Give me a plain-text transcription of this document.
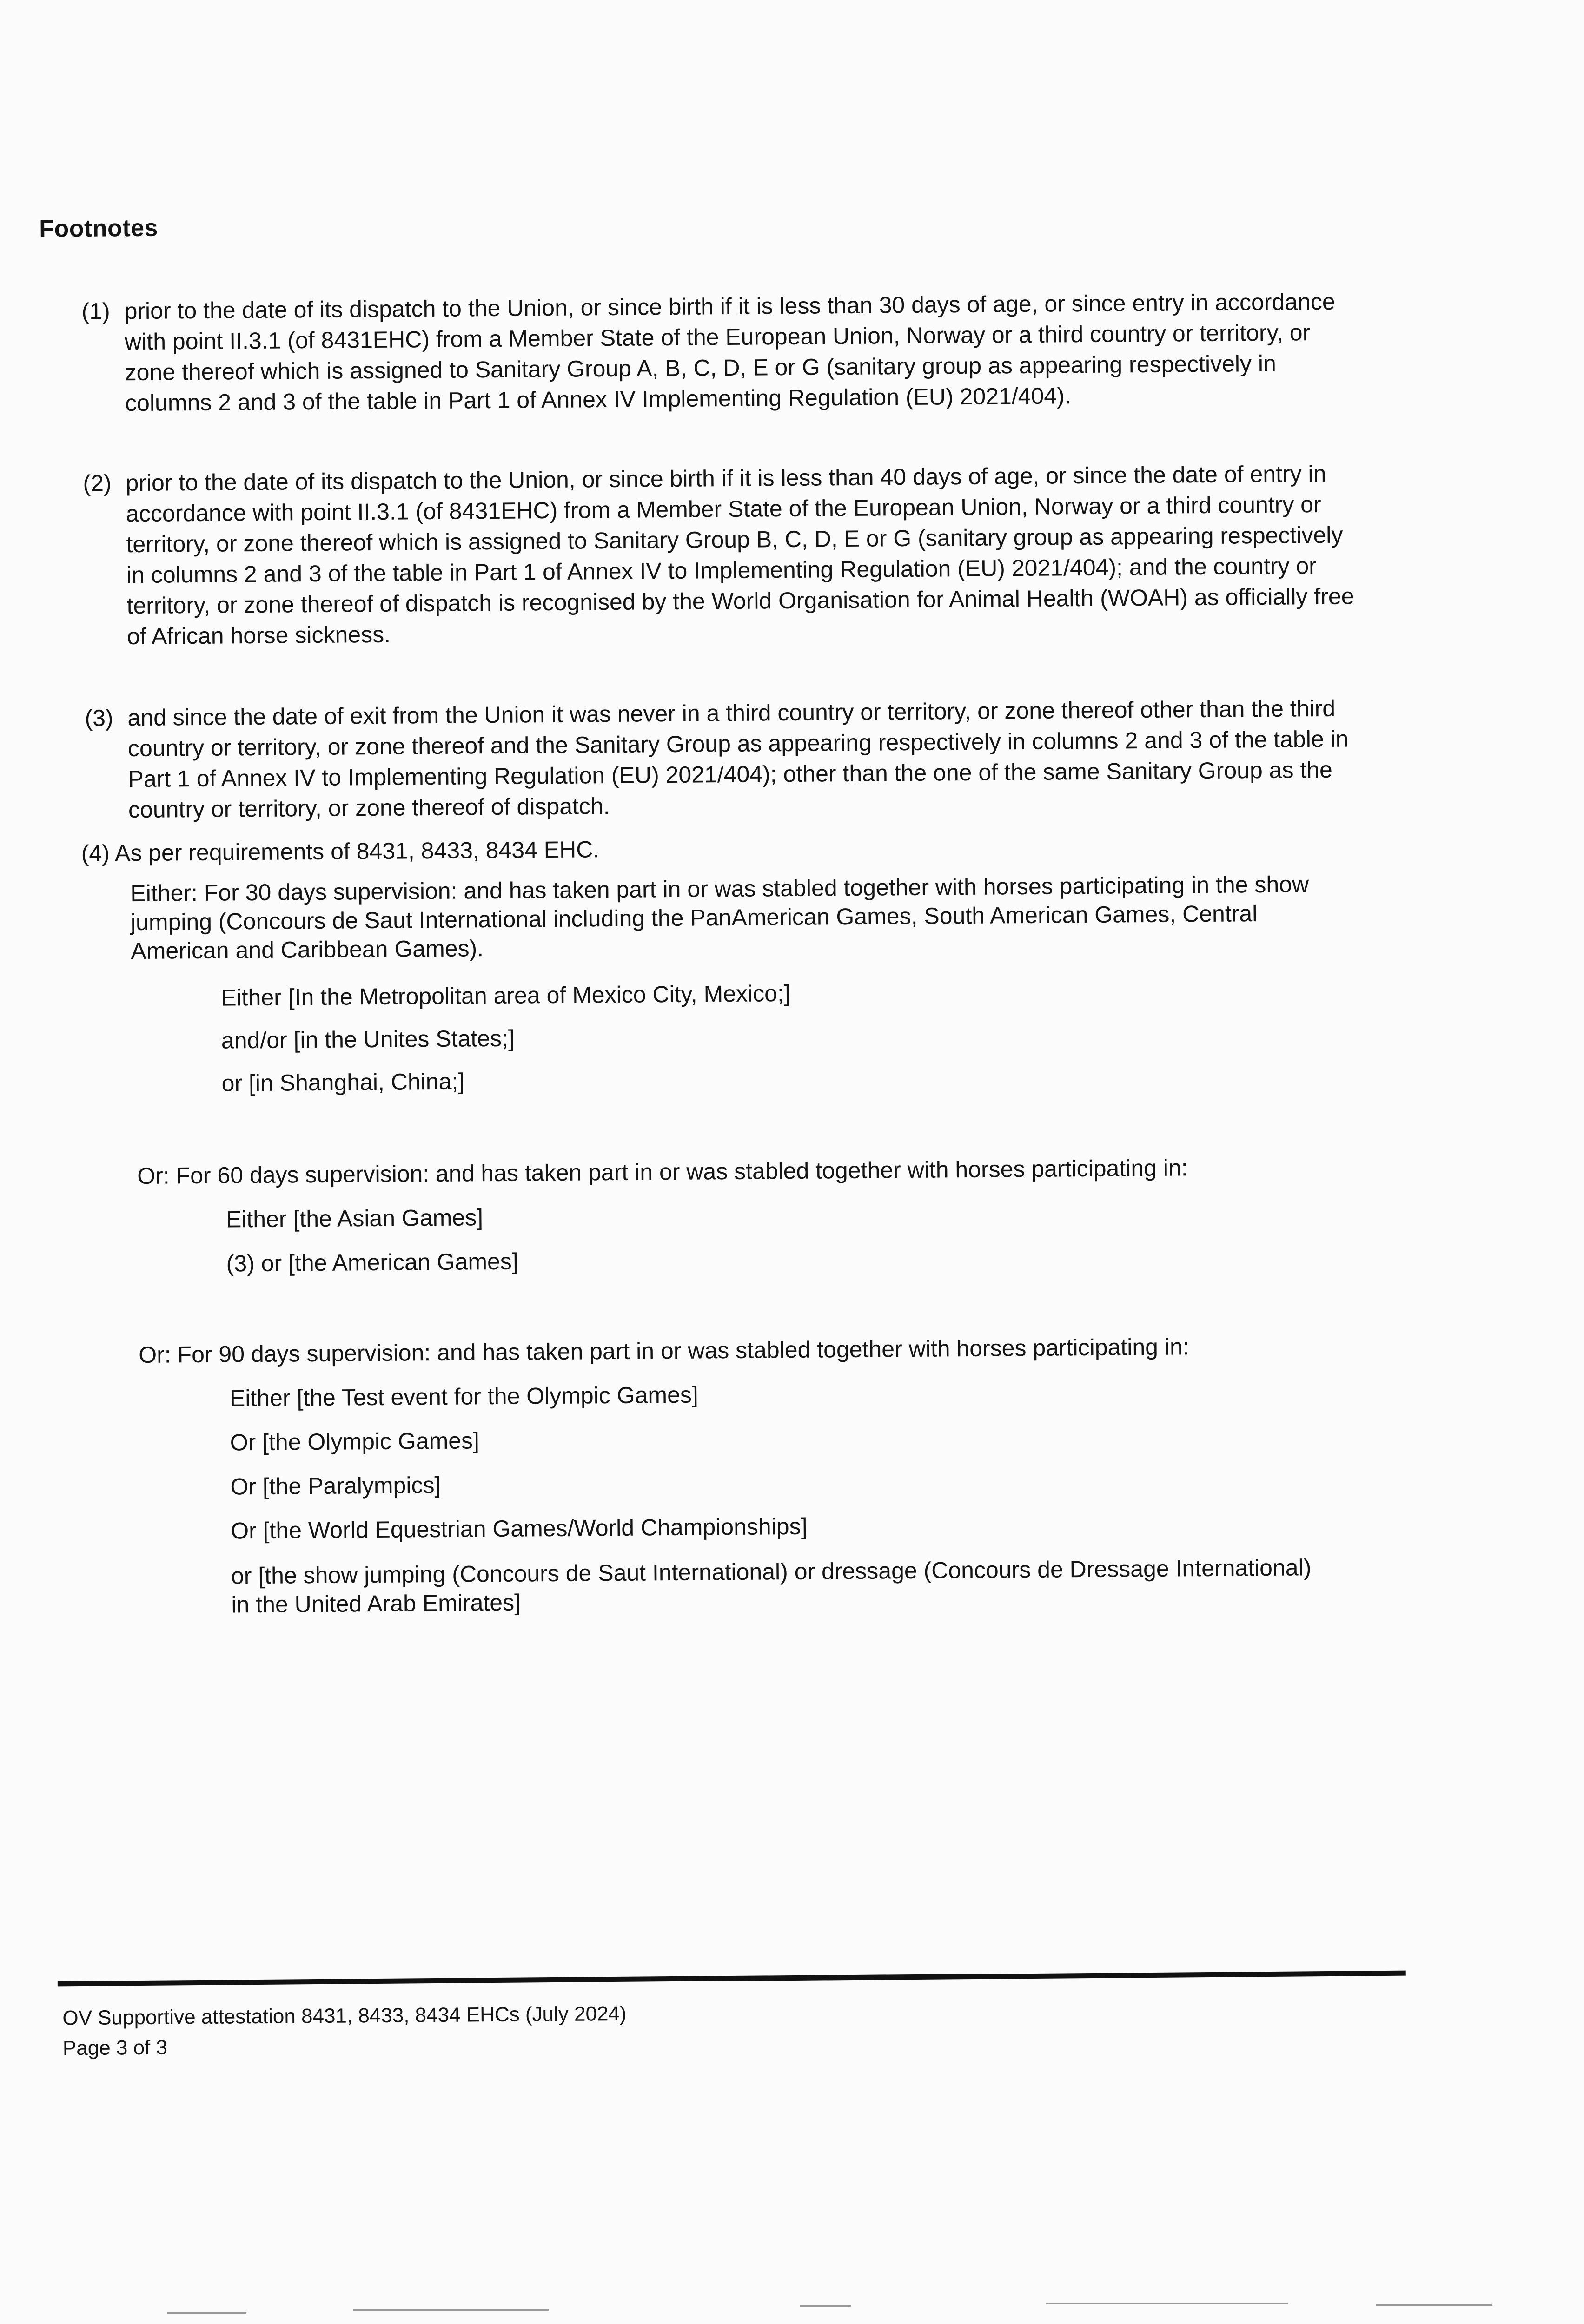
Footnotes
(1) prior to the date of its dispatch to the Union, or since birth if it is less than 30 days of age, or since entry in accordance with point II.3.1 (of 8431EHC) from a Member State of the European Union, Norway or a third country or territory, or zone thereof which is assigned to Sanitary Group A, B, C, D, E or G (sanitary group as appearing respectively in columns 2 and 3 of the table in Part 1 of Annex IV Implementing Regulation (EU) 2021/404).
(2) prior to the date of its dispatch to the Union, or since birth if it is less than 40 days of age, or since the date of entry in accordance with point II.3.1 (of 8431EHC) from a Member State of the European Union, Norway or a third country or territory, or zone thereof which is assigned to Sanitary Group B, C, D, E or G (sanitary group as appearing respectively in columns 2 and 3 of the table in Part 1 of Annex IV to Implementing Regulation (EU) 2021/404); and the country or territory, or zone thereof of dispatch is recognised by the World Organisation for Animal Health (WOAH) as officially free of African horse sickness.
(3) and since the date of exit from the Union it was never in a third country or territory, or zone thereof other than the third country or territory, or zone thereof and the Sanitary Group as appearing respectively in columns 2 and 3 of the table in Part 1 of Annex IV to Implementing Regulation (EU) 2021/404); other than the one of the same Sanitary Group as the country or territory, or zone thereof of dispatch.
(4) As per requirements of 8431, 8433, 8434 EHC.
Either: For 30 days supervision: and has taken part in or was stabled together with horses participating in the show jumping (Concours de Saut International including the PanAmerican Games, South American Games, Central American and Caribbean Games).
Either [In the Metropolitan area of Mexico City, Mexico;]
and/or [in the Unites States;]
or [in Shanghai, China;]
Or: For 60 days supervision: and has taken part in or was stabled together with horses participating in:
Either [the Asian Games]
(3) or [the American Games]
Or: For 90 days supervision: and has taken part in or was stabled together with horses participating in:
Either [the Test event for the Olympic Games]
Or [the Olympic Games]
Or [the Paralympics]
Or [the World Equestrian Games/World Championships]
or [the show jumping (Concours de Saut International) or dressage (Concours de Dressage International) in the United Arab Emirates]
OV Supportive attestation 8431, 8433, 8434 EHCs (July 2024)
Page 3 of 3
